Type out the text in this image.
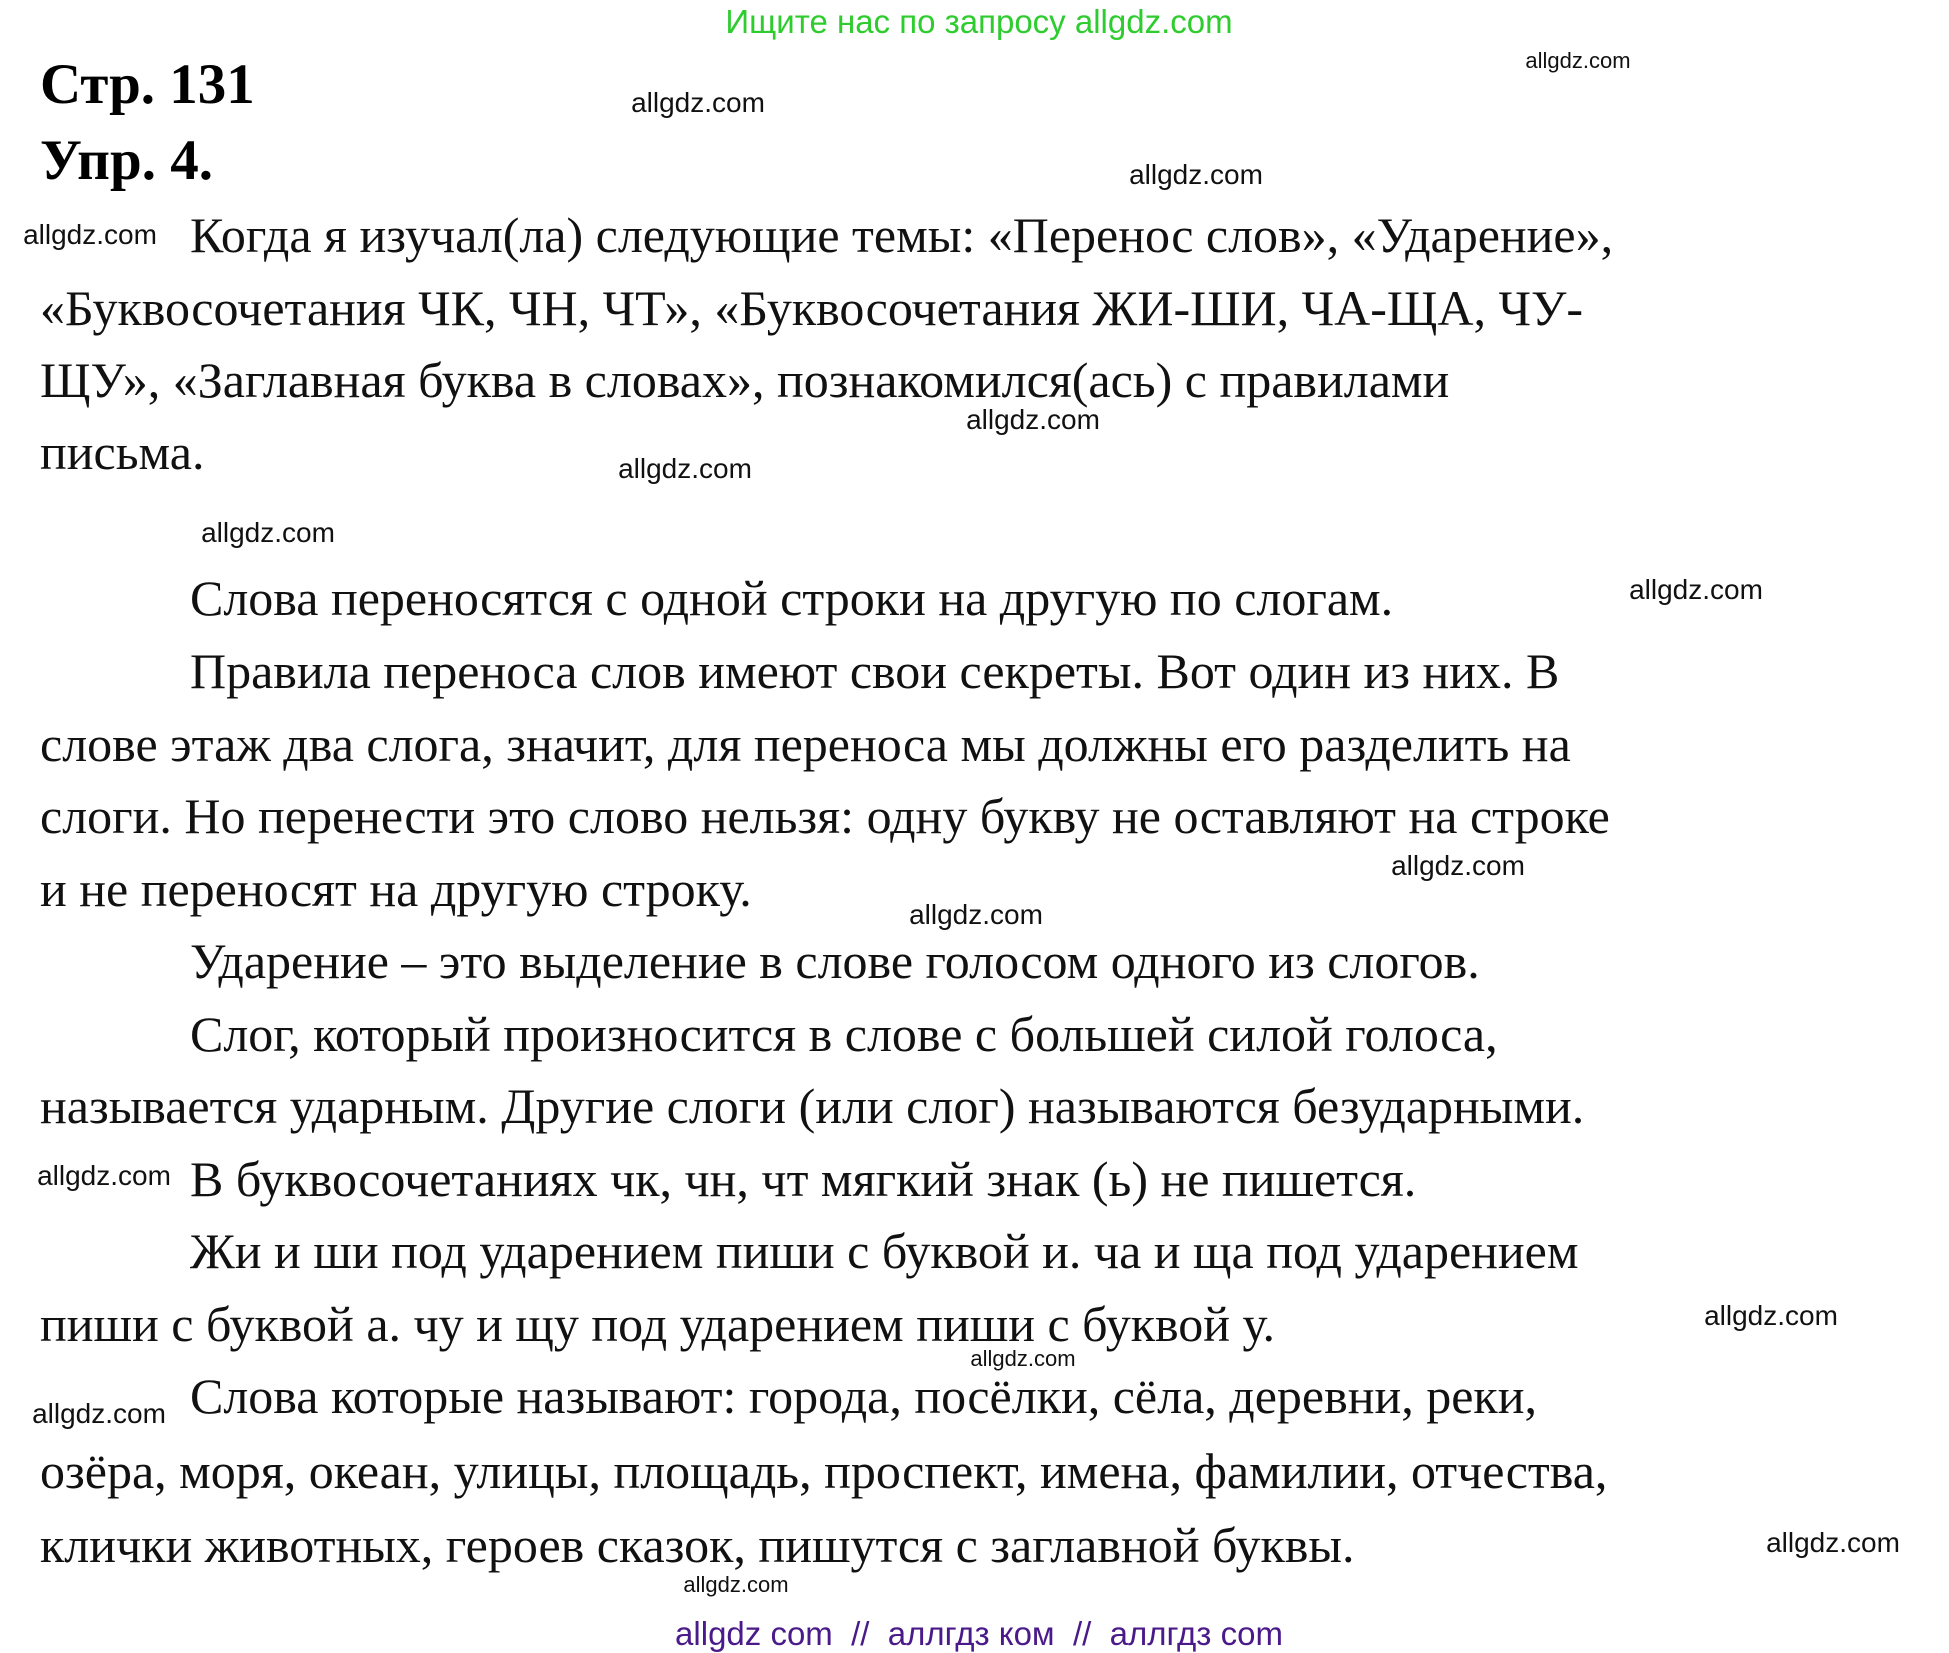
Ищите нас по запросу allgdz.com
Стр. 131
Упр. 4.
Когда я изучал(ла) следующие темы: «Перенос слов», «Ударение»,
«Буквосочетания ЧК, ЧН, ЧТ», «Буквосочетания ЖИ-ШИ, ЧА-ЩА, ЧУ-
ЩУ», «Заглавная буква в словах», познакомился(ась) с правилами
письма.
Слова переносятся с одной строки на другую по слогам.
Правила переноса слов имеют свои секреты. Вот один из них. В
слове этаж два слога, значит, для переноса мы должны его разделить на
слоги. Но перенести это слово нельзя: одну букву не оставляют на строке
и не переносят на другую строку.
Ударение – это выделение в слове голосом одного из слогов.
Слог, который произносится в слове с большей силой голоса,
называется ударным. Другие слоги (или слог) называются безударными.
В буквосочетаниях чк, чн, чт мягкий знак (ь) не пишется.
Жи и ши под ударением пиши с буквой и. ча и ща под ударением
пиши с буквой а. чу и щу под ударением пиши с буквой у.
Слова которые называют: города, посёлки, сёла, деревни, реки,
озёра, моря, океан, улицы, площадь, проспект, имена, фамилии, отчества,
клички животных, героев сказок, пишутся с заглавной буквы.
allgdz.com
allgdz.com
allgdz.com
allgdz.com
allgdz.com
allgdz.com
allgdz.com
allgdz.com
allgdz.com
allgdz.com
allgdz.com
allgdz.com
allgdz.com
allgdz.com
allgdz.com
allgdz.com
allgdz com  //  аллгдз ком  //  аллгдз com
